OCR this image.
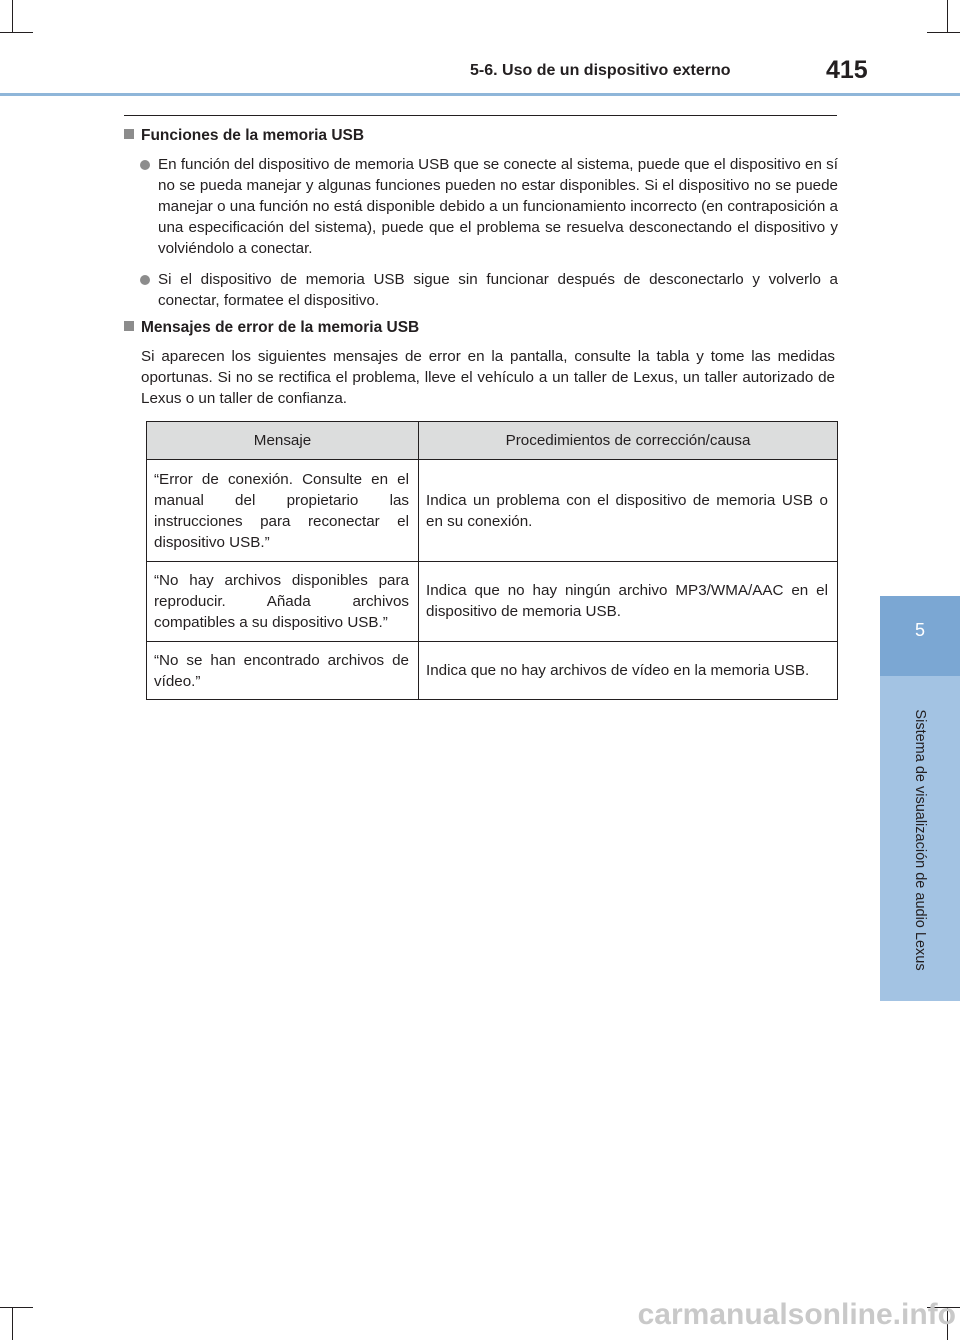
5-6. Uso de un dispositivo externo	415
5
Sistema de visualización de audio Lexus
Funciones de la memoria USB
En función del dispositivo de memoria USB que se conecte al sistema, puede que el dispositivo en sí no se pueda manejar y algunas funciones pueden no estar disponibles. Si el dispositivo no se puede manejar o una función no está disponible debido a un funcionamiento incorrecto (en contraposición a una especificación del sistema), puede que el problema se resuelva desconectando el dispositivo y volviéndolo a conectar.
Si el dispositivo de memoria USB sigue sin funcionar después de desconectarlo y volverlo a conectar, formatee el dispositivo.
Mensajes de error de la memoria USB
Si aparecen los siguientes mensajes de error en la pantalla, consulte la tabla y tome las medidas oportunas. Si no se rectifica el problema, lleve el vehículo a un taller de Lexus, un taller autorizado de Lexus o un taller de confianza.
Mensaje	Procedimientos de corrección/causa
“Error de conexión. Consulte en el manual del propietario las instrucciones para reconectar el dispositivo USB.”	Indica un problema con el dispositivo de memoria USB o en su conexión.
“No hay archivos disponibles para reproducir. Añada archivos compatibles a su dispositivo USB.”	Indica que no hay ningún archivo MP3/WMA/AAC en el dispositivo de memoria USB.
“No se han encontrado archivos de vídeo.”	Indica que no hay archivos de vídeo en la memoria USB.
carmanualsonline.info
